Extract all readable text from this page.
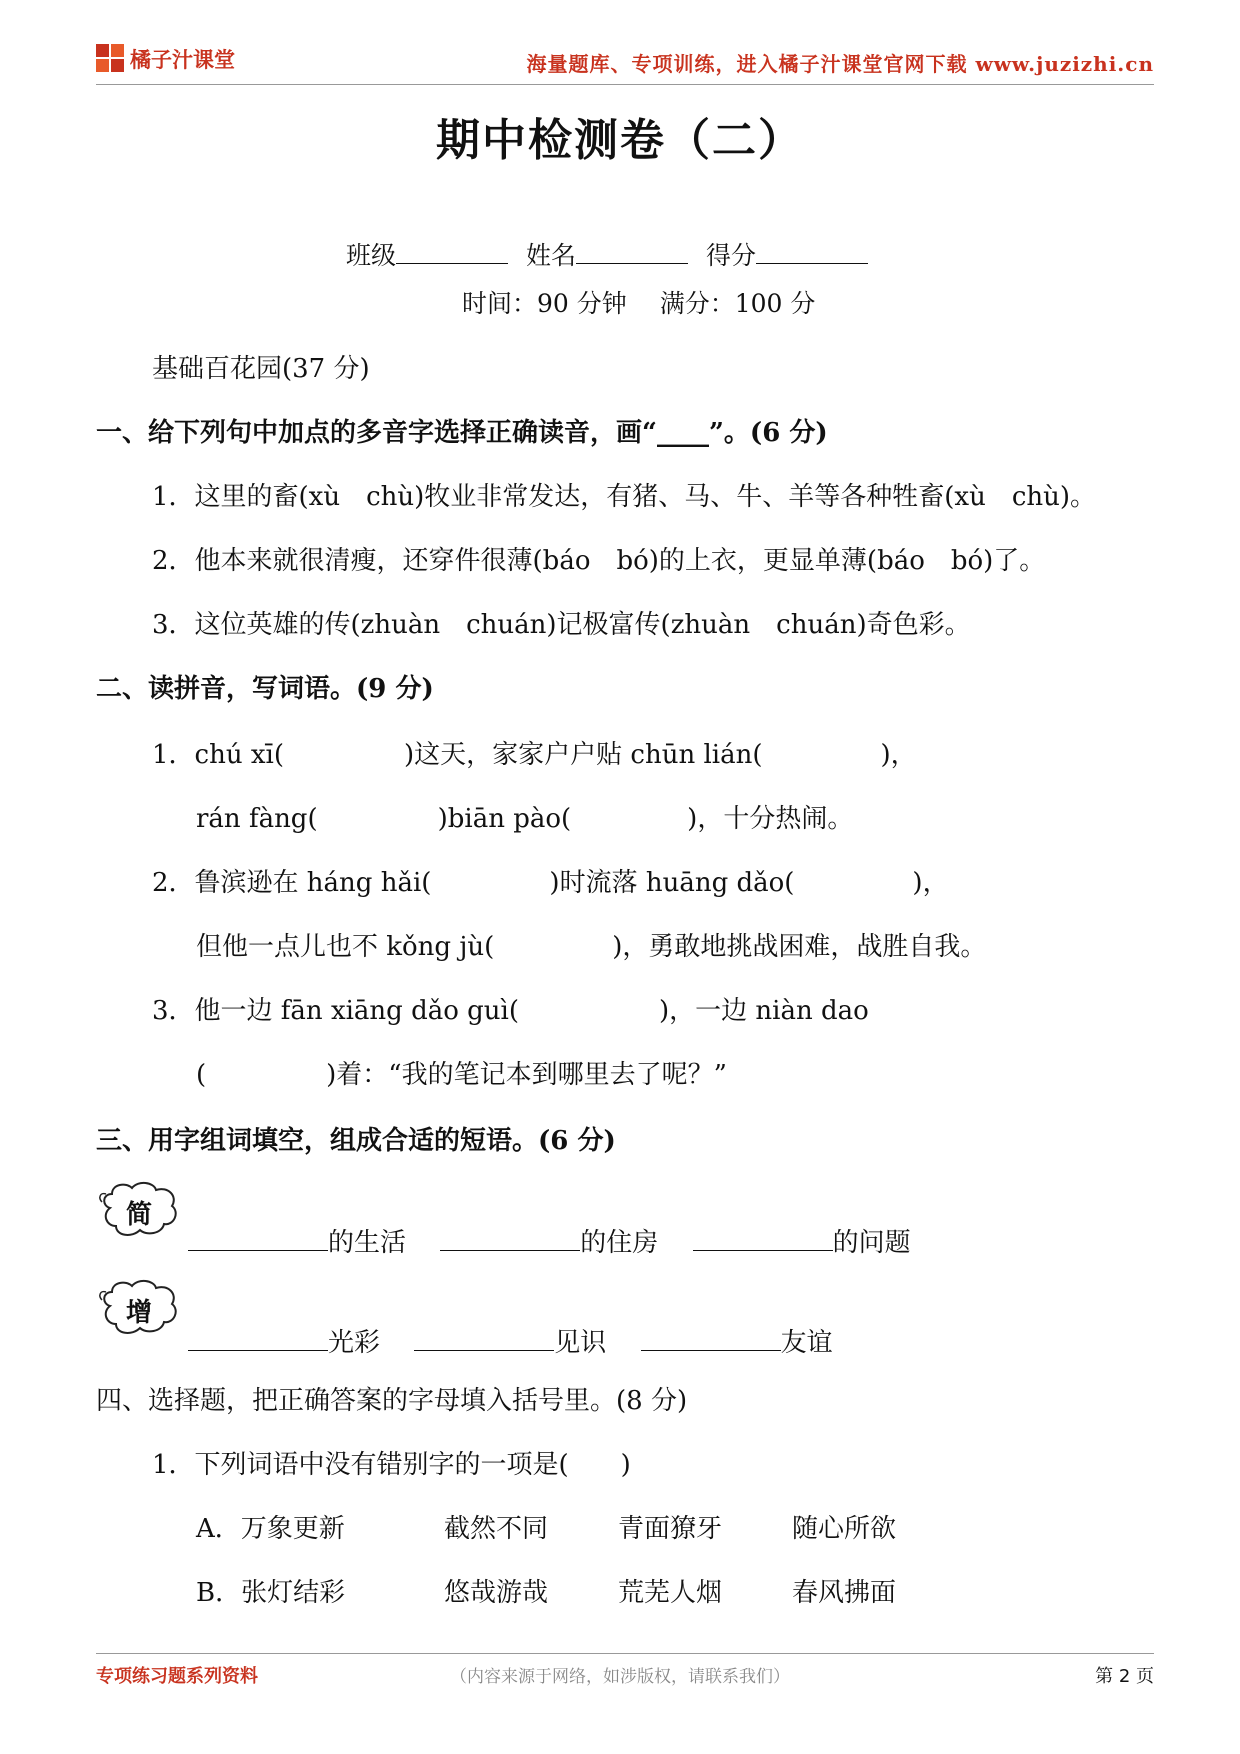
橘子汁课堂	海量题库、专项训练，进入橘子汁课堂官网下载 www.juzizhi.cn
期中检测卷（二）
班级	姓名	得分
时间：90 分钟　 满分：100 分
基础百花园(37 分)
一、给下列句中加点的多音字选择正确读音，画“____”。(6 分)
1．这里的畜(xù　chù)牧业非常发达，有猪、马、牛、羊等各种牲畜(xù　chù)。
2．他本来就很清瘦，还穿件很薄(báo　bó)的上衣，更显单薄(báo　bó)了。
3．这位英雄的传(zhuàn　chuán)记极富传(zhuàn　chuán)奇色彩。
二、读拼音，写词语。(9 分)
1．chú xī(	)这天，家家户户贴 chūn lián(	)，
rán fàng(	)biān pào(	)，十分热闹。
2．鲁滨逊在 háng hǎi(	)时流落 huāng dǎo(	)，
但他一点儿也不 kǒng jù(	)，勇敢地挑战困难，战胜自我。
3．他一边 fān xiāng dǎo guì(	)，一边 niàn dao
(	)着：“我的笔记本到哪里去了呢？”
三、用字组词填空，组成合适的短语。(6 分)
简
的生活	的住房	的问题
增
光彩	见识	友谊
四、选择题，把正确答案的字母填入括号里。(8 分)
1．下列词语中没有错别字的一项是(　　)
A．万象更新	截然不同	青面獠牙	随心所欲
B．张灯结彩	悠哉游哉	荒芜人烟	春风拂面
专项练习题系列资料	（内容来源于网络，如涉版权，请联系我们）	第 2 页
